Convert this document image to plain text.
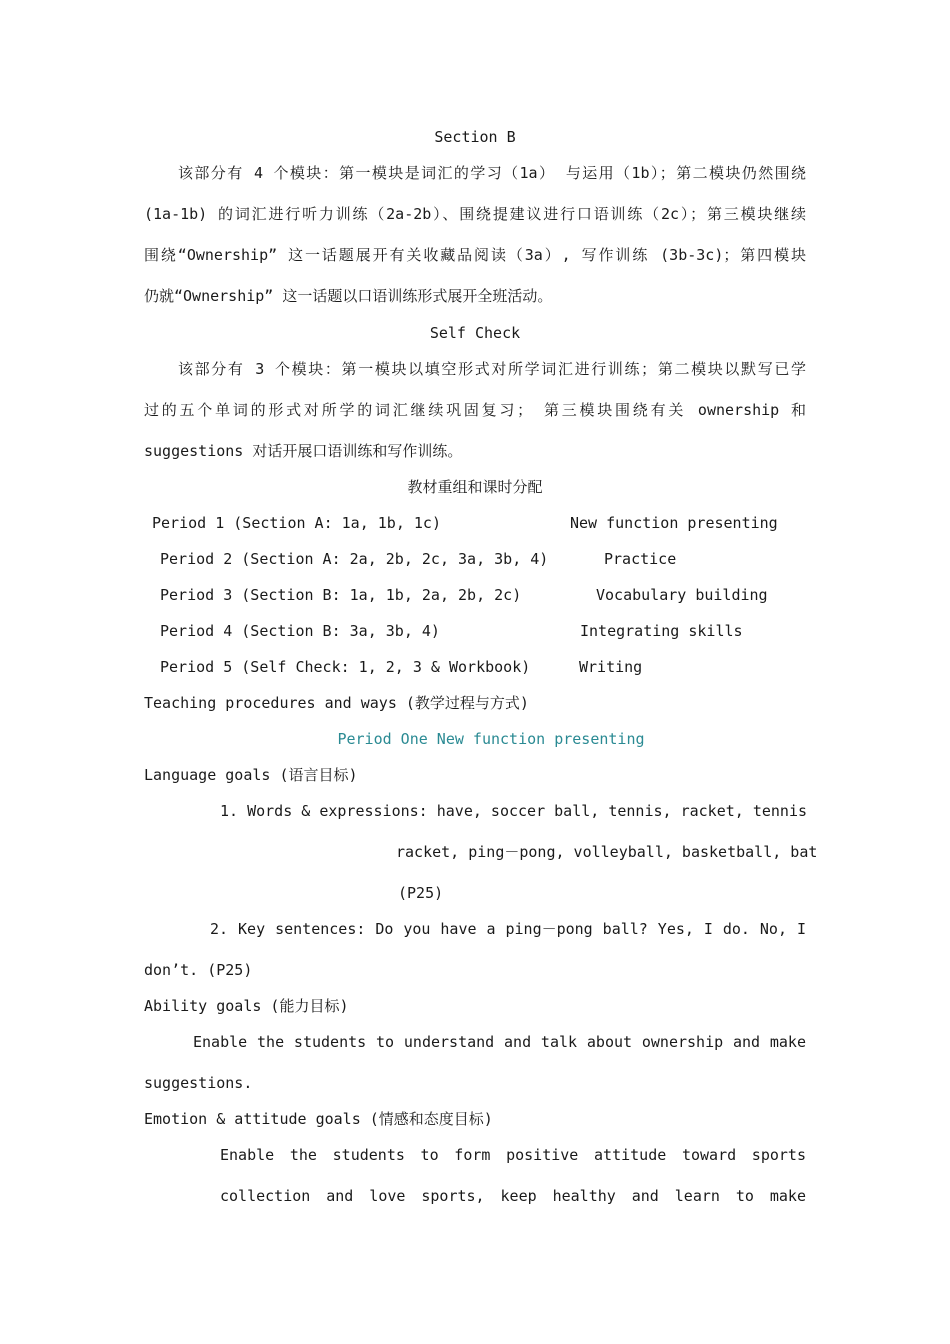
Section B
该部分有 4 个模块：第一模块是词汇的学习（1a） 与运用（1b）；第二模块仍然围绕
(1a-1b) 的词汇进行听力训练（2a-2b）、围绕提建议进行口语训练（2c）；第三模块继续
围绕“Ownership” 这一话题展开有关收藏品阅读（3a）, 写作训练 (3b-3c)；第四模块
仍就“Ownership” 这一话题以口语训练形式展开全班活动。
Self Check
该部分有 3 个模块：第一模块以填空形式对所学词汇进行训练；第二模块以默写已学
过的五个单词的形式对所学的词汇继续巩固复习； 第三模块围绕有关 ownership 和
suggestions 对话开展口语训练和写作训练。
教材重组和课时分配
Period 1 (Section A: 1a, 1b, 1c)	New function presenting
Period 2 (Section A: 2a, 2b, 2c, 3a, 3b, 4)	Practice
Period 3 (Section B: 1a, 1b, 2a, 2b, 2c)	Vocabulary building
Period 4 (Section B: 3a, 3b, 4)	Integrating skills
Period 5 (Self Check: 1, 2, 3 & Workbook)	Writing
Teaching procedures and ways (教学过程与方式)
Period One New function presenting
Language goals (语言目标)
1. Words & expressions: have, soccer ball, tennis, racket, tennis
racket, ping－pong, volleyball, basketball, bat
(P25)
2. Key sentences: Do you have a ping－pong ball? Yes, I do. No, I
don’t. (P25)
Ability goals (能力目标)
Enable the students to understand and talk about ownership and make
suggestions.
Emotion & attitude goals (情感和态度目标)
Enable the students to form positive attitude toward sports
collection and love sports, keep healthy and learn to make
